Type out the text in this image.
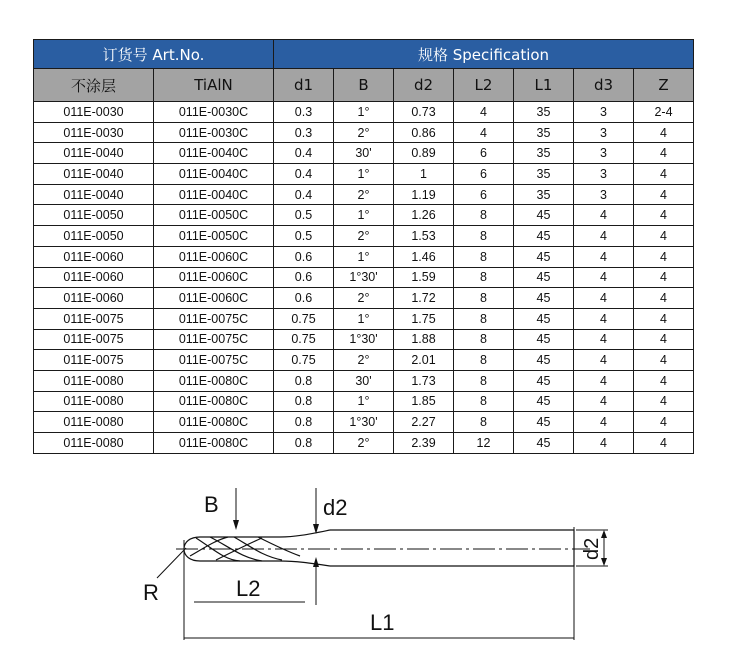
订货号 Art.No.		规格 Specification						
不涂层	TiAlN	d1	B	d2	L2	L1	d3	Z
011E-0030	011E-0030C	0.3	1°	0.73	4	35	3	2-4
011E-0030	011E-0030C	0.3	2°	0.86	4	35	3	4
011E-0040	011E-0040C	0.4	30'	0.89	6	35	3	4
011E-0040	011E-0040C	0.4	1°	1	6	35	3	4
011E-0040	011E-0040C	0.4	2°	1.19	6	35	3	4
011E-0050	011E-0050C	0.5	1°	1.26	8	45	4	4
011E-0050	011E-0050C	0.5	2°	1.53	8	45	4	4
011E-0060	011E-0060C	0.6	1°	1.46	8	45	4	4
011E-0060	011E-0060C	0.6	1°30'	1.59	8	45	4	4
011E-0060	011E-0060C	0.6	2°	1.72	8	45	4	4
011E-0075	011E-0075C	0.75	1°	1.75	8	45	4	4
011E-0075	011E-0075C	0.75	1°30'	1.88	8	45	4	4
011E-0075	011E-0075C	0.75	2°	2.01	8	45	4	4
011E-0080	011E-0080C	0.8	30'	1.73	8	45	4	4
011E-0080	011E-0080C	0.8	1°	1.85	8	45	4	4
011E-0080	011E-0080C	0.8	1°30'	2.27	8	45	4	4
011E-0080	011E-0080C	0.8	2°	2.39	12	45	4	4
B	d2
R	L2
L1
d2
